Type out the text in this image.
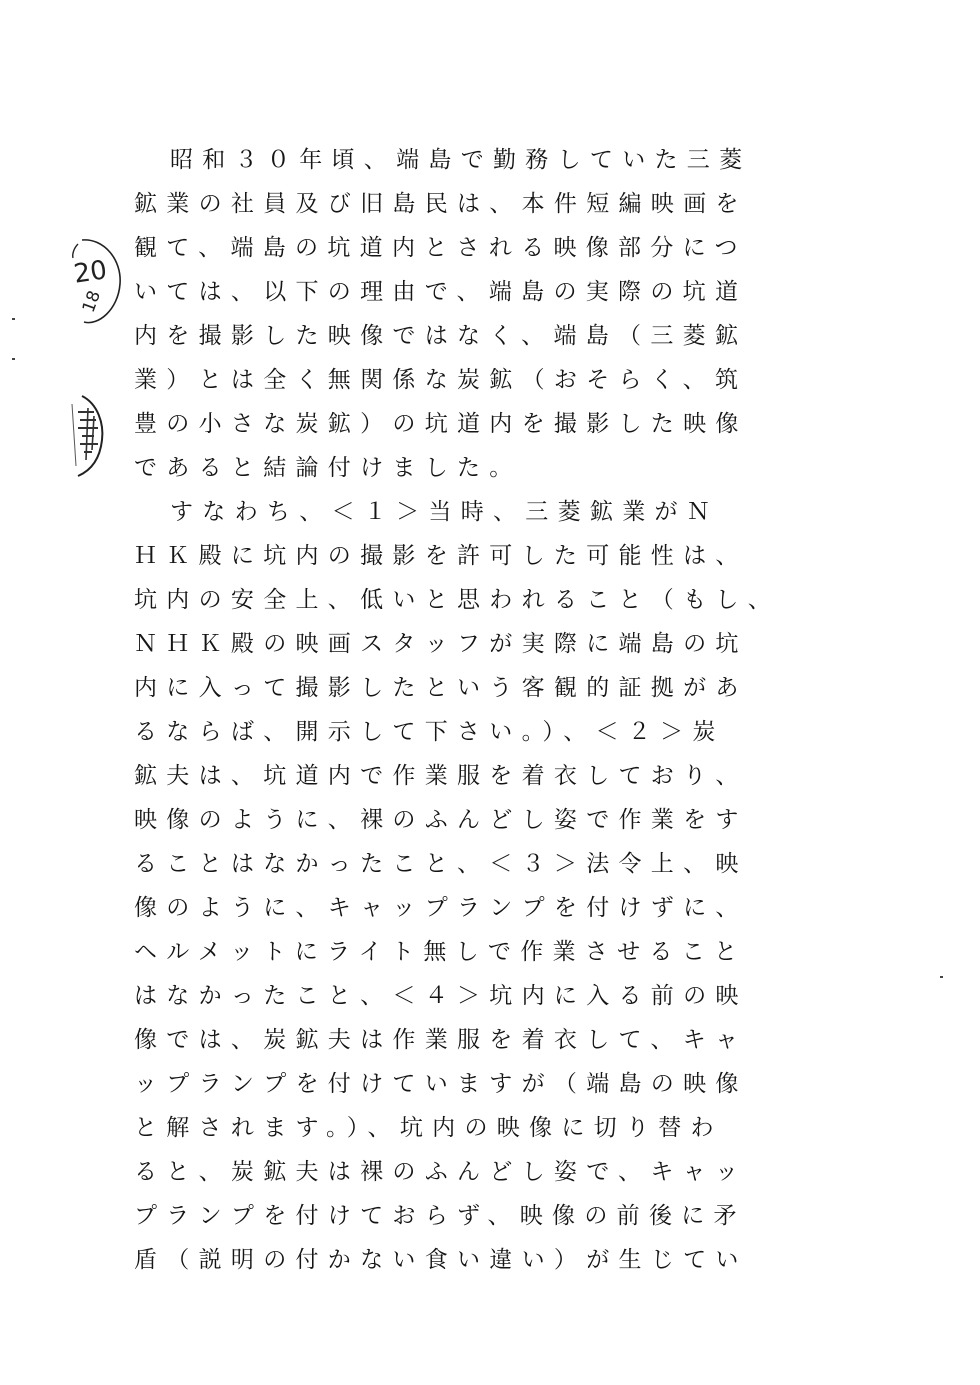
20
18
昭和３０年頃、端島で勤務していた三菱
鉱業の社員及び旧島民は、本件短編映画を
観て、端島の坑道内とされる映像部分につ
いては、以下の理由で、端島の実際の坑道
内を撮影した映像ではなく、端島（三菱鉱
業）とは全く無関係な炭鉱（おそらく、筑
豊の小さな炭鉱）の坑道内を撮影した映像
であると結論付けました。
すなわち、＜１＞当時、三菱鉱業がＮ
ＨＫ殿に坑内の撮影を許可した可能性は、
坑内の安全上、低いと思われること（もし、
ＮＨＫ殿の映画スタッフが実際に端島の坑
内に入って撮影したという客観的証拠があ
るならば、開示して下さい。）、＜２＞炭
鉱夫は、坑道内で作業服を着衣しており、
映像のように、裸のふんどし姿で作業をす
ることはなかったこと、＜３＞法令上、映
像のように、キャップランプを付けずに、
ヘルメットにライト無しで作業させること
はなかったこと、＜４＞坑内に入る前の映
像では、炭鉱夫は作業服を着衣して、キャ
ップランプを付けていますが（端島の映像
と解されます。）、坑内の映像に切り替わ
ると、炭鉱夫は裸のふんどし姿で、キャッ
プランプを付けておらず、映像の前後に矛
盾（説明の付かない食い違い）が生じてい
